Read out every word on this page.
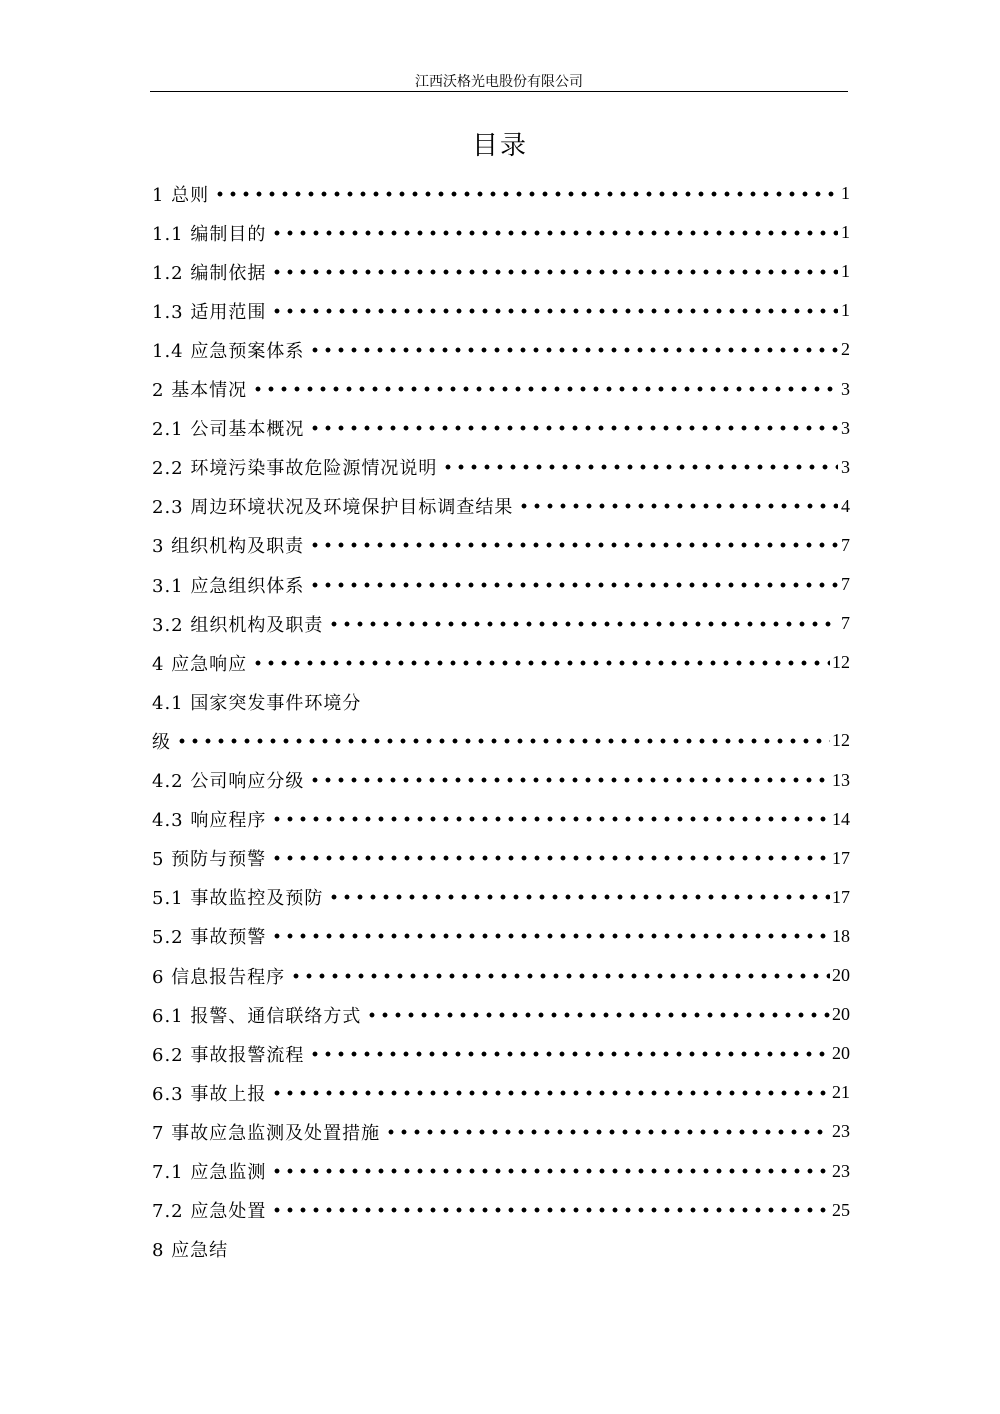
江西沃格光电股份有限公司
目录
1 总则	1
1.1 编制目的	1
1.2 编制依据	1
1.3 适用范围	1
1.4 应急预案体系	2
2 基本情况	3
2.1 公司基本概况	3
2.2 环境污染事故危险源情况说明	3
2.3 周边环境状况及环境保护目标调查结果	4
3 组织机构及职责	7
3.1 应急组织体系	7
3.2 组织机构及职责	7
4 应急响应	12
4.1 国家突发事件环境分
级	12
4.2 公司响应分级	13
4.3 响应程序	14
5 预防与预警	17
5.1 事故监控及预防	17
5.2 事故预警	18
6 信息报告程序	20
6.1 报警、通信联络方式	20
6.2 事故报警流程	20
6.3 事故上报	21
7 事故应急监测及处置措施	23
7.1 应急监测	23
7.2 应急处置	25
8 应急结
